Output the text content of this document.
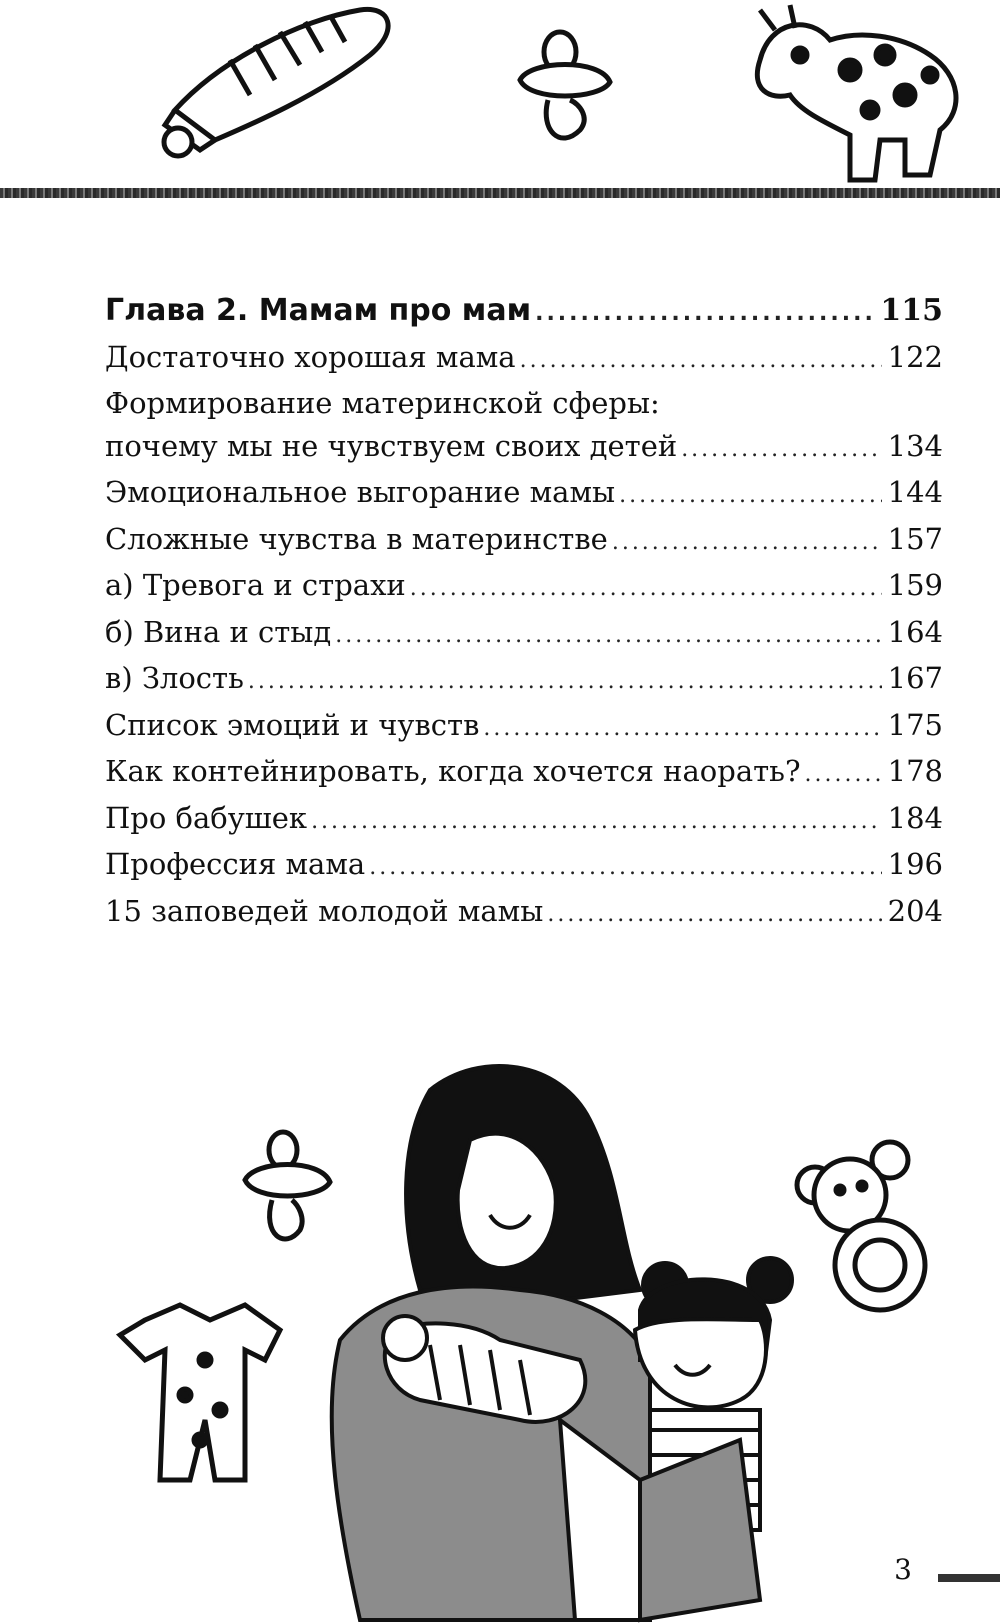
Глава 2. Мамам про мам .....	115
Достаточно хорошая мама .....	122
Формирование материнской сферы:
почему мы не чувствуем своих детей .....	134
Эмоциональное выгорание мамы .....	144
Сложные чувства в материнстве .....	157
а) Тревога и страхи .....	159
б) Вина и стыд .....	164
в) Злость .....	167
Список эмоций и чувств .....	175
Как контейнировать, когда хочется наорать? .....	178
Про бабушек .....	184
Профессия мама .....	196
15 заповедей молодой мамы .....	204
3
